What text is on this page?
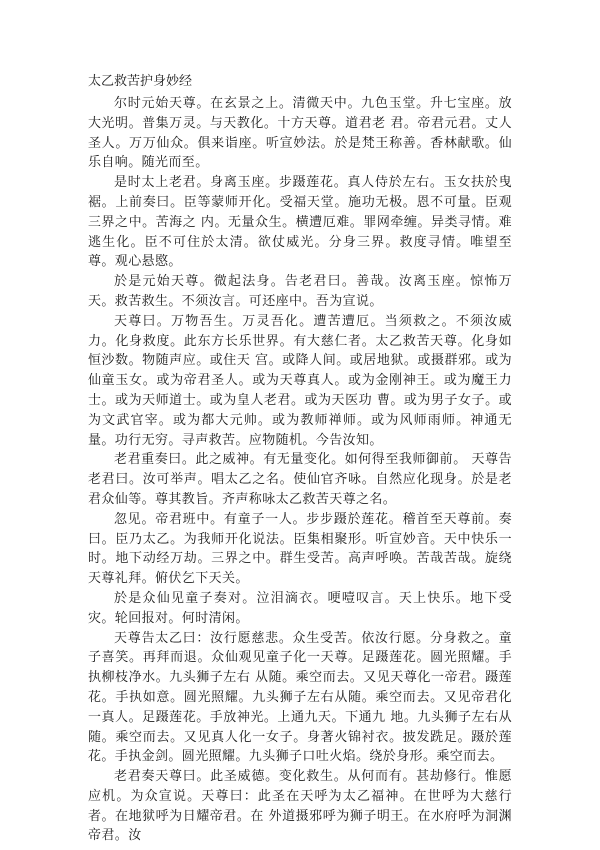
太乙救苦护身妙经

尔时元始天尊。在玄景之上。清微天中。九色玉堂。升七宝座。放大光明。普集万灵。与天教化。十方天尊。道君老 君。帝君元君。丈人圣人。万万仙众。俱来诣座。听宣妙法。於是梵王称善。香林献歌。仙乐自响。随光而至。

是时太上老君。身离玉座。步蹑莲花。真人侍於左右。玉女扶於曳裾。上前奏曰。臣等蒙师开化。受福天堂。施功无极。恩不可量。臣观三界之中。苦海之 内。无量众生。横遭厄难。罪网牵缠。异类寻情。难逃生化。臣不可住於太清。欲仗威光。分身三界。救度寻情。唯望至尊。观心悬愍。

於是元始天尊。微起法身。告老君曰。善哉。汝离玉座。惊怖万天。救苦救生。不须汝言。可还座中。吾为宣说。

天尊曰。万物吾生。万灵吾化。遭苦遭厄。当须救之。不须汝威力。化身救度。此东方长乐世界。有大慈仁者。太乙救苦天尊。化身如恒沙数。物随声应。或住天 宫。或降人间。或居地狱。或摄群邪。或为仙童玉女。或为帝君圣人。或为天尊真人。或为金刚神王。或为魔王力士。或为天师道士。或为皇人老君。或为天医功 曹。或为男子女子。或为文武官宰。或为都大元帅。或为教师禅师。或为风师雨师。神通无量。功行无穷。寻声救苦。应物随机。今告汝知。

老君重奏曰。此之威神。有无量变化。如何得至我师御前。 天尊告老君曰。汝可举声。唱太乙之名。使仙官齐咏。自然应化现身。於是老君众仙等。尊其教旨。齐声称咏太乙救苦天尊之名。

忽见。帝君班中。有童子一人。步步蹑於莲花。稽首至天尊前。奏曰。臣乃太乙。为我师开化说法。臣集相聚形。听宣妙音。天中快乐一时。地下动经万劫。三界之中。群生受苦。高声呼唤。苦哉苦哉。旋绕天尊礼拜。俯伏乞下天关。

於是众仙见童子奏对。泣泪滴衣。哽噎叹言。天上快乐。地下受灾。轮回报对。何时清闲。

天尊告太乙曰：汝行愿慈悲。众生受苦。依汝行愿。分身救之。童子喜笑。再拜而退。众仙观见童子化一天尊。足蹑莲花。圆光照耀。手执柳枝净水。九头狮子左右 从随。乘空而去。又见天尊化一帝君。蹑莲花。手执如意。圆光照耀。九头狮子左右从随。乘空而去。又见帝君化一真人。足蹑莲花。手放神光。上通九天。下通九 地。九头狮子左右从随。乘空而去。又见真人化一女子。身著火锦衬衣。披发跣足。蹑於莲花。手执金剑。圆光照耀。九头狮子口吐火焰。绕於身形。乘空而去。

老君奏天尊曰。此圣威德。变化救生。从何而有。甚劫修行。惟愿应机。为众宣说。天尊曰：此圣在天呼为太乙福神。在世呼为大慈行者。在地狱呼为日耀帝君。在 外道摄邪呼为狮子明王。在水府呼为洞渊帝君。汝
